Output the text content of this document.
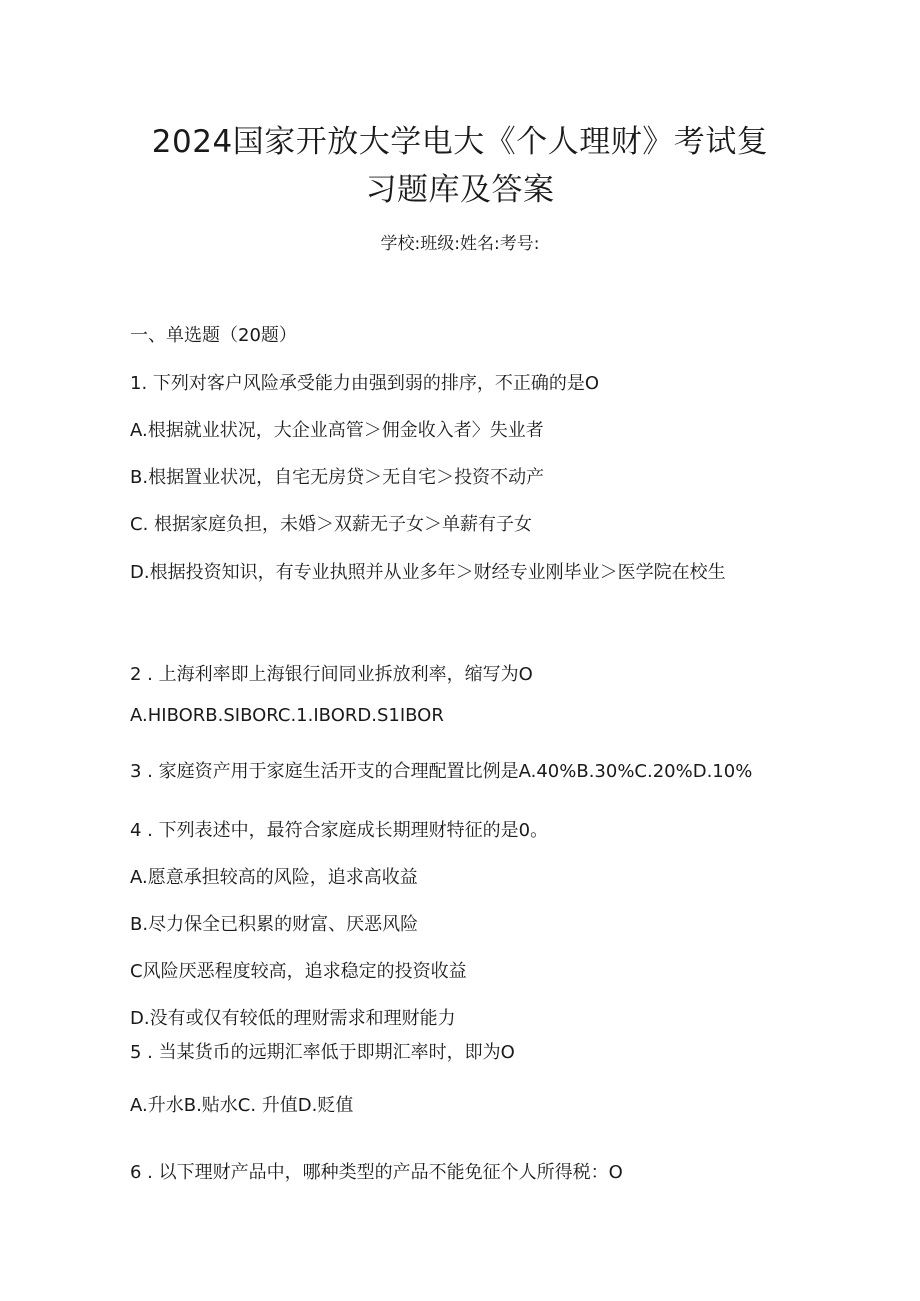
2024国家开放大学电大《个人理财》考试复
习题库及答案
学校:班级:姓名:考号:
一、单选题（20题）
1. 下列对客户风险承受能力由强到弱的排序，不正确的是O
A.根据就业状况，大企业高管＞佣金收入者〉失业者
B.根据置业状况，自宅无房贷＞无自宅＞投资不动产
C. 根据家庭负担，未婚＞双薪无子女＞单薪有子女
D.根据投资知识，有专业执照并从业多年＞财经专业刚毕业＞医学院在校生
2 . 上海利率即上海银行间同业拆放利率，缩写为O
A.HIBORB.SIBORC.1.IBORD.S1IBOR
3 . 家庭资产用于家庭生活开支的合理配置比例是A.40%B.30%C.20%D.10%
4 . 下列表述中，最符合家庭成长期理财特征的是0。
A.愿意承担较高的风险，追求高收益
B.尽力保全已积累的财富、厌恶风险
C风险厌恶程度较高，追求稳定的投资收益
D.没有或仅有较低的理财需求和理财能力
5 . 当某货币的远期汇率低于即期汇率时，即为O
A.升水B.贴水C. 升值D.贬值
6 . 以下理财产品中，哪种类型的产品不能免征个人所得税：O
